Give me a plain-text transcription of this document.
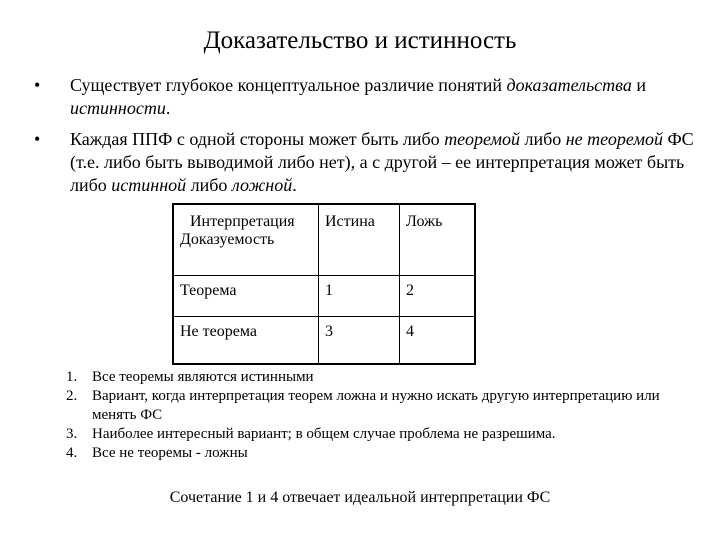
Доказательство и истинность
• Существует глубокое концептуальное различие понятий доказательства и истинности.
• Каждая ППФ с одной стороны может быть либо теоремой либо не теоремой ФС (т.е. либо быть выводимой либо нет), а с другой – ее интерпретация может быть либо истинной либо ложной.
Интерпретация
Доказуемость	Истина	Ложь
Теорема	1	2
Не теорема	3	4
1. Все теоремы являются истинными
2. Вариант, когда интерпретация теорем ложна и нужно искать другую интерпретацию или менять ФС
3. Наиболее интересный вариант; в общем случае проблема не разрешима.
4. Все не теоремы - ложны
Сочетание 1 и 4 отвечает идеальной интерпретации ФС
